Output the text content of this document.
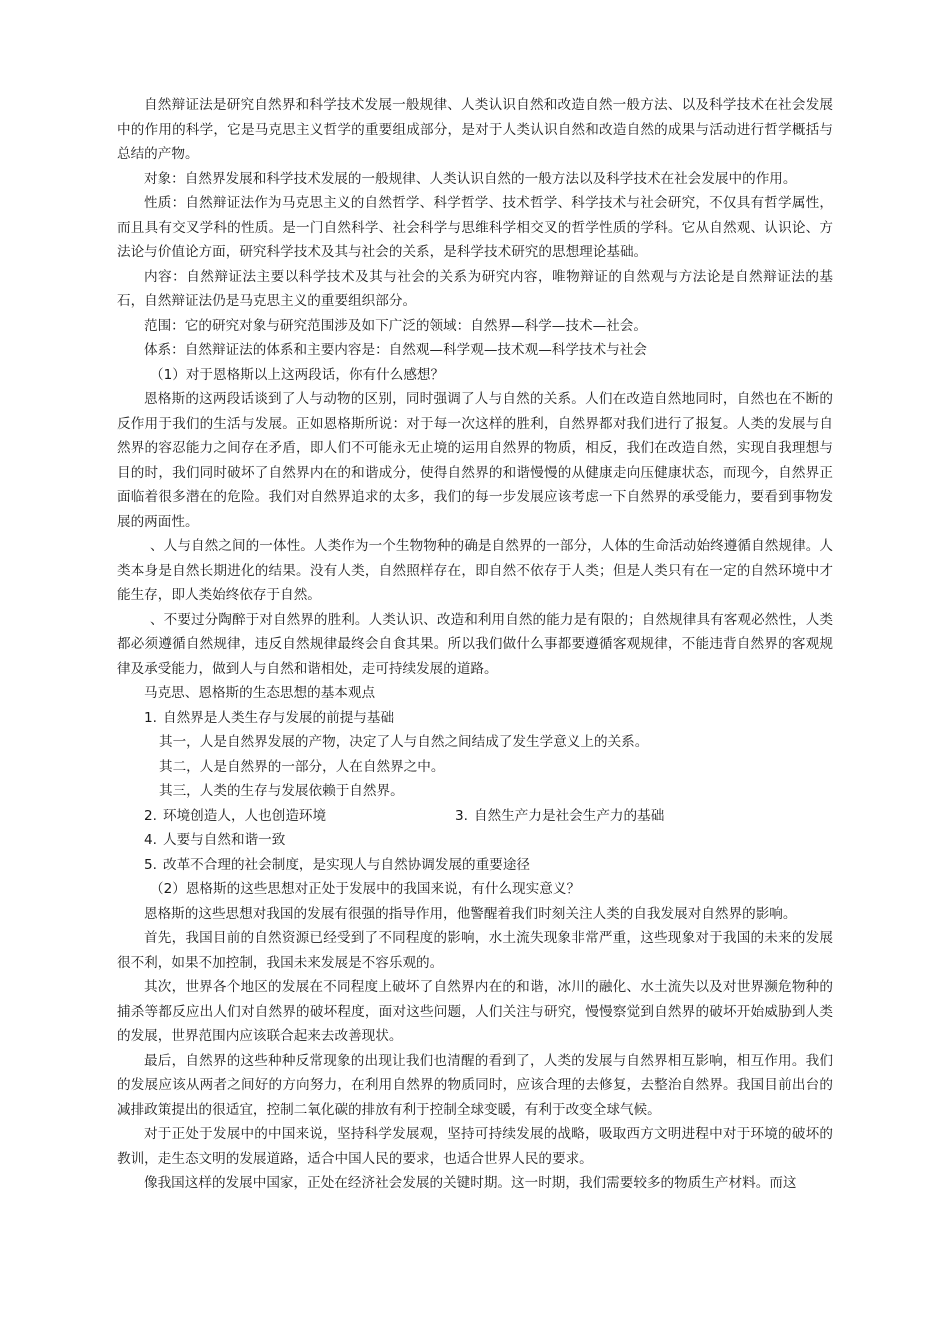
自然辩证法是研究自然界和科学技术发展一般规律、人类认识自然和改造自然一般方法、以及科学技术在社会发展中的作用的科学，它是马克思主义哲学的重要组成部分，是对于人类认识自然和改造自然的成果与活动进行哲学概括与总结的产物。

对象：自然界发展和科学技术发展的一般规律、人类认识自然的一般方法以及科学技术在社会发展中的作用。

性质：自然辩证法作为马克思主义的自然哲学、科学哲学、技术哲学、科学技术与社会研究，不仅具有哲学属性，而且具有交叉学科的性质。是一门自然科学、社会科学与思维科学相交叉的哲学性质的学科。它从自然观、认识论、方法论与价值论方面，研究科学技术及其与社会的关系，是科学技术研究的思想理论基础。

内容：自然辩证法主要以科学技术及其与社会的关系为研究内容，唯物辩证的自然观与方法论是自然辩证法的基石，自然辩证法仍是马克思主义的重要组织部分。

范围：它的研究对象与研究范围涉及如下广泛的领域：自然界—科学—技术—社会。

体系：自然辩证法的体系和主要内容是：自然观—科学观—技术观—科学技术与社会

（1）对于恩格斯以上这两段话，你有什么感想？

恩格斯的这两段话谈到了人与动物的区别，同时强调了人与自然的关系。人们在改造自然地同时，自然也在不断的反作用于我们的生活与发展。正如恩格斯所说：对于每一次这样的胜利，自然界都对我们进行了报复。人类的发展与自然界的容忍能力之间存在矛盾，即人们不可能永无止境的运用自然界的物质，相反，我们在改造自然，实现自我理想与目的时，我们同时破坏了自然界内在的和谐成分，使得自然界的和谐慢慢的从健康走向压健康状态，而现今，自然界正面临着很多潜在的危险。我们对自然界追求的太多，我们的每一步发展应该考虑一下自然界的承受能力，要看到事物发展的两面性。

、人与自然之间的一体性。人类作为一个生物物种的确是自然界的一部分，人体的生命活动始终遵循自然规律。人类本身是自然长期进化的结果。没有人类，自然照样存在，即自然不依存于人类；但是人类只有在一定的自然环境中才能生存，即人类始终依存于自然。

、不要过分陶醉于对自然界的胜利。人类认识、改造和利用自然的能力是有限的；自然规律具有客观必然性，人类都必须遵循自然规律，违反自然规律最终会自食其果。所以我们做什么事都要遵循客观规律，不能违背自然界的客观规律及承受能力，做到人与自然和谐相处，走可持续发展的道路。

马克思、恩格斯的生态思想的基本观点

1. 自然界是人类生存与发展的前提与基础

其一，人是自然界发展的产物，决定了人与自然之间结成了发生学意义上的关系。

其二，人是自然界的一部分，人在自然界之中。

其三，人类的生存与发展依赖于自然界。

2. 环境创造人，人也创造环境	3. 自然生产力是社会生产力的基础

4. 人要与自然和谐一致

5. 改革不合理的社会制度，是实现人与自然协调发展的重要途径

（2）恩格斯的这些思想对正处于发展中的我国来说，有什么现实意义？

恩格斯的这些思想对我国的发展有很强的指导作用，他警醒着我们时刻关注人类的自我发展对自然界的影响。

首先，我国目前的自然资源已经受到了不同程度的影响，水土流失现象非常严重，这些现象对于我国的未来的发展很不利，如果不加控制，我国未来发展是不容乐观的。

其次，世界各个地区的发展在不同程度上破坏了自然界内在的和谐，冰川的融化、水土流失以及对世界濒危物种的捕杀等都反应出人们对自然界的破坏程度，面对这些问题，人们关注与研究，慢慢察觉到自然界的破坏开始威胁到人类的发展，世界范围内应该联合起来去改善现状。

最后，自然界的这些种种反常现象的出现让我们也清醒的看到了，人类的发展与自然界相互影响，相互作用。我们的发展应该从两者之间好的方向努力，在利用自然界的物质同时，应该合理的去修复，去整治自然界。我国目前出台的减排政策提出的很适宜，控制二氧化碳的排放有利于控制全球变暖，有利于改变全球气候。

对于正处于发展中的中国来说，坚持科学发展观，坚持可持续发展的战略，吸取西方文明进程中对于环境的破坏的教训，走生态文明的发展道路，适合中国人民的要求，也适合世界人民的要求。

像我国这样的发展中国家，正处在经济社会发展的关键时期。这一时期，我们需要较多的物质生产材料。而这
